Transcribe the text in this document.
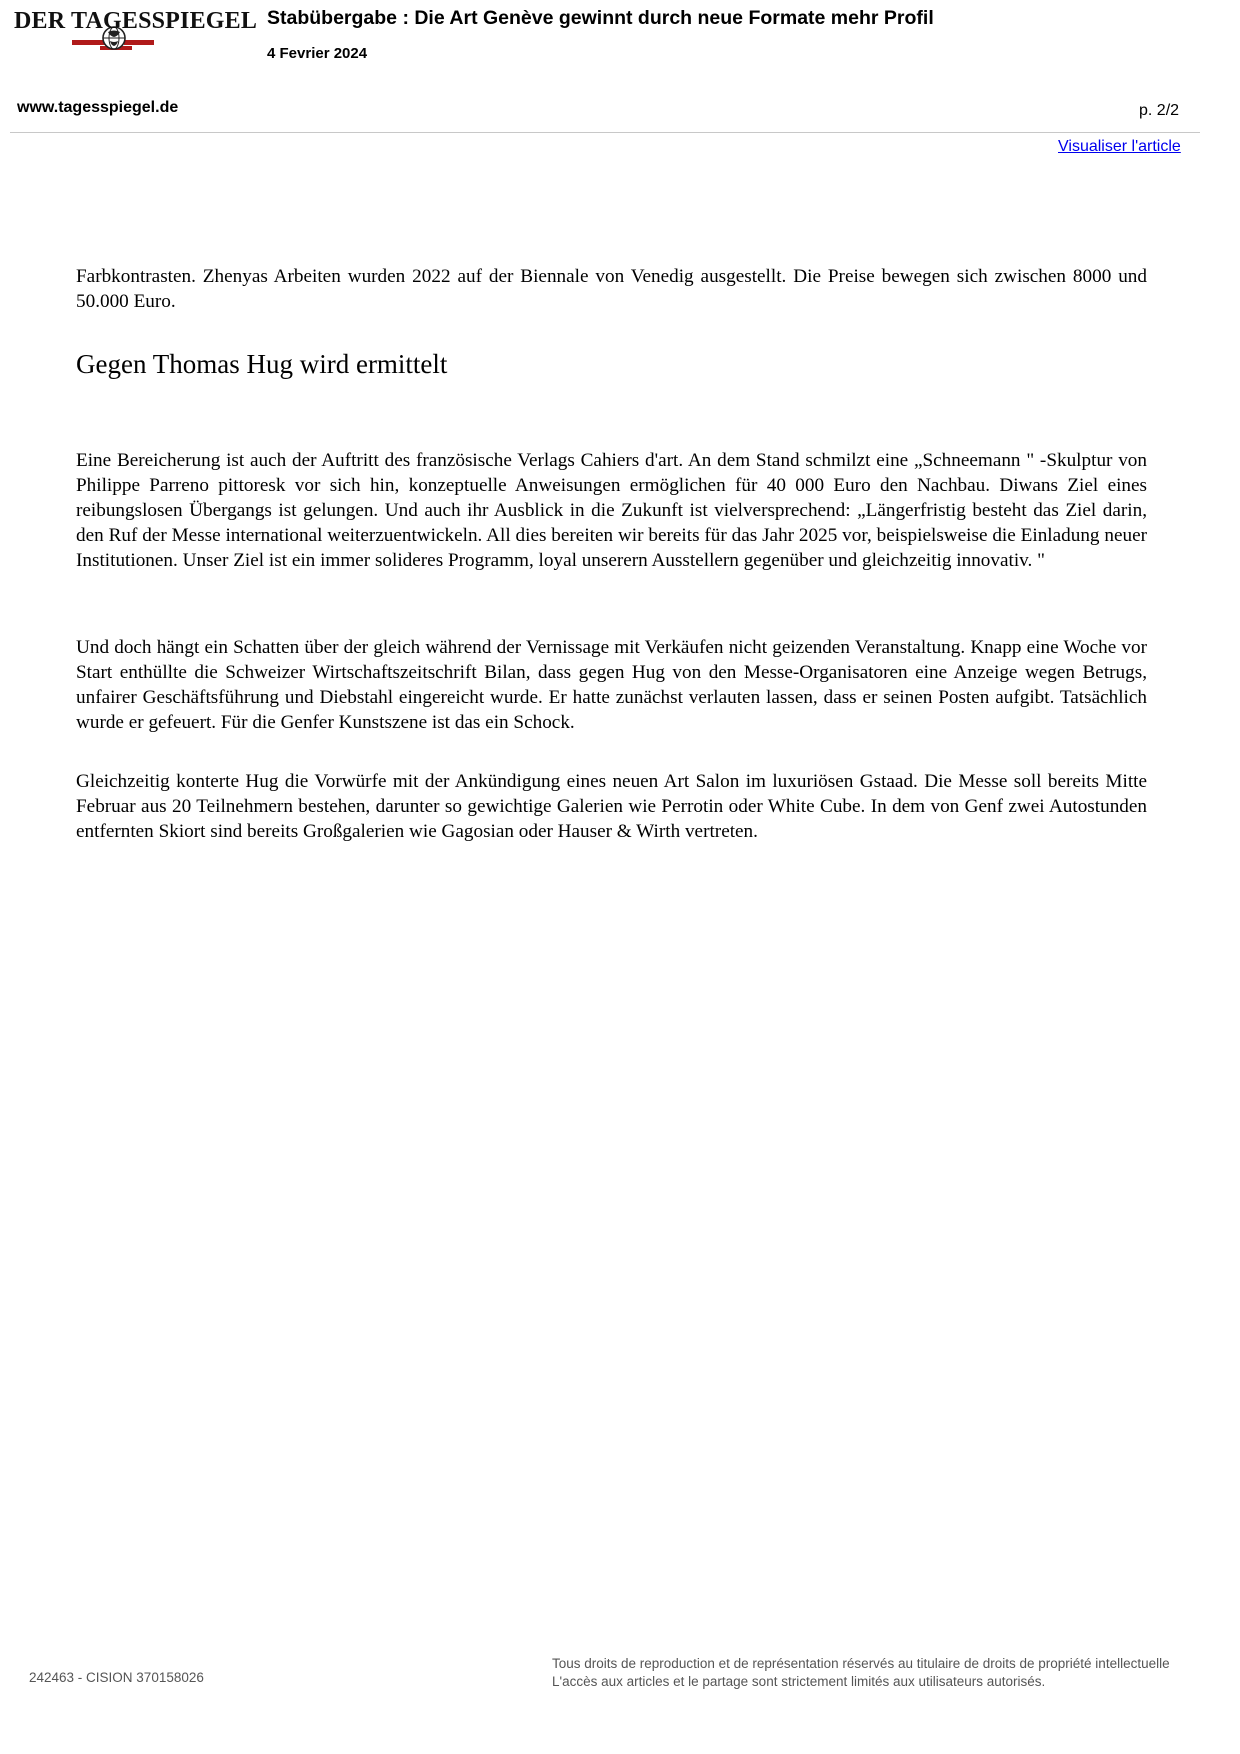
DER TAGESSPIEGEL Stabübergabe : Die Art Genève gewinnt durch neue Formate mehr Profil
4 Fevrier 2024
www.tagesspiegel.de	p. 2/2
Visualiser l'article

Farbkontrasten. Zhenyas Arbeiten wurden 2022 auf der Biennale von Venedig ausgestellt. Die Preise bewegen sich zwischen 8000 und 50.000 Euro.

Gegen Thomas Hug wird ermittelt

Eine Bereicherung ist auch der Auftritt des französische Verlags Cahiers d'art. An dem Stand schmilzt eine „Schneemann " -Skulptur von Philippe Parreno pittoresk vor sich hin, konzeptuelle Anweisungen ermöglichen für 40 000 Euro den Nachbau. Diwans Ziel eines reibungslosen Übergangs ist gelungen. Und auch ihr Ausblick in die Zukunft ist vielversprechend: „Längerfristig besteht das Ziel darin, den Ruf der Messe international weiterzuentwickeln. All dies bereiten wir bereits für das Jahr 2025 vor, beispielsweise die Einladung neuer Institutionen. Unser Ziel ist ein immer solideres Programm, loyal unserern Ausstellern gegenüber und gleichzeitig innovativ. "

Und doch hängt ein Schatten über der gleich während der Vernissage mit Verkäufen nicht geizenden Veranstaltung. Knapp eine Woche vor Start enthüllte die Schweizer Wirtschaftszeitschrift Bilan, dass gegen Hug von den Messe-Organisatoren eine Anzeige wegen Betrugs, unfairer Geschäftsführung und Diebstahl eingereicht wurde. Er hatte zunächst verlauten lassen, dass er seinen Posten aufgibt. Tatsächlich wurde er gefeuert. Für die Genfer Kunstszene ist das ein Schock.

Gleichzeitig konterte Hug die Vorwürfe mit der Ankündigung eines neuen Art Salon im luxuriösen Gstaad. Die Messe soll bereits Mitte Februar aus 20 Teilnehmern bestehen, darunter so gewichtige Galerien wie Perrotin oder White Cube. In dem von Genf zwei Autostunden entfernten Skiort sind bereits Großgalerien wie Gagosian oder Hauser & Wirth vertreten.

242463 - CISION 370158026
Tous droits de reproduction et de représentation réservés au titulaire de droits de propriété intellectuelle
L'accès aux articles et le partage sont strictement limités aux utilisateurs autorisés.
